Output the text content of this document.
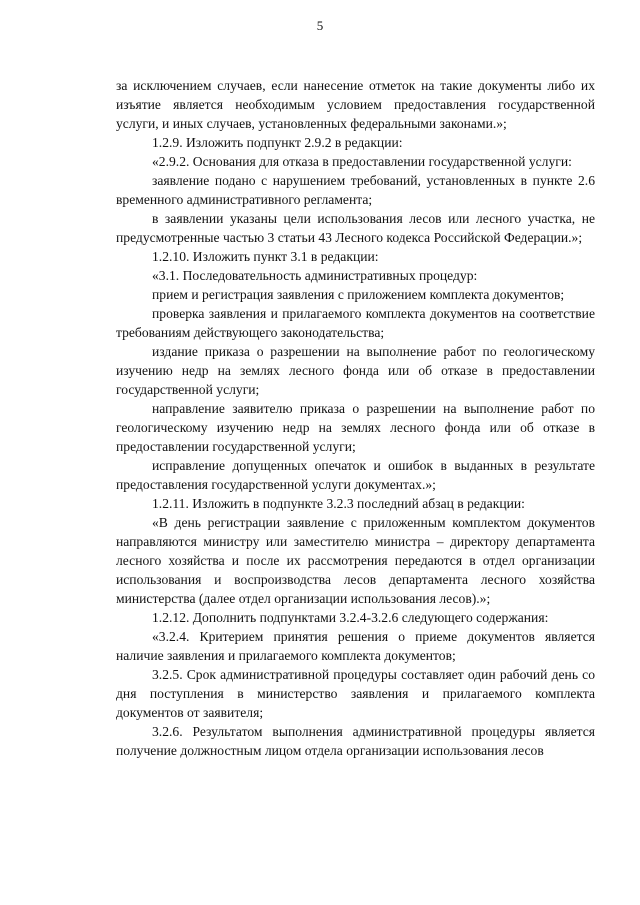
5

за исключением случаев, если нанесение отметок на такие документы либо их изъятие является необходимым условием предоставления государственной услуги, и иных случаев, установленных федеральными законами.»;

1.2.9. Изложить подпункт 2.9.2 в редакции:

«2.9.2. Основания для отказа в предоставлении государственной услуги:

заявление подано с нарушением требований, установленных в пункте 2.6 временного административного регламента;

в заявлении указаны цели использования лесов или лесного участка, не предусмотренные частью 3 статьи 43 Лесного кодекса Российской Федерации.»;

1.2.10. Изложить пункт 3.1 в редакции:

«3.1. Последовательность административных процедур:

прием и регистрация заявления с приложением комплекта документов;

проверка заявления и прилагаемого комплекта документов на соответствие требованиям действующего законодательства;

издание приказа о разрешении на выполнение работ по геологическому изучению недр на землях лесного фонда или об отказе в предоставлении государственной услуги;

направление заявителю приказа о разрешении на выполнение работ по геологическому изучению недр на землях лесного фонда или об отказе в предоставлении государственной услуги;

исправление допущенных опечаток и ошибок в выданных в результате предоставления государственной услуги документах.»;

1.2.11. Изложить в подпункте 3.2.3 последний абзац в редакции:

«В день регистрации заявление с приложенным комплектом документов направляются министру или заместителю министра – директору департамента лесного хозяйства и после их рассмотрения передаются в отдел организации использования и воспроизводства лесов департамента лесного хозяйства министерства (далее отдел организации использования лесов).»;

1.2.12. Дополнить подпунктами 3.2.4-3.2.6 следующего содержания:

«3.2.4. Критерием принятия решения о приеме документов является наличие заявления и прилагаемого комплекта документов;

3.2.5. Срок административной процедуры составляет один рабочий день со дня поступления в министерство заявления и прилагаемого комплекта документов от заявителя;

3.2.6. Результатом выполнения административной процедуры является получение должностным лицом отдела организации использования лесов
